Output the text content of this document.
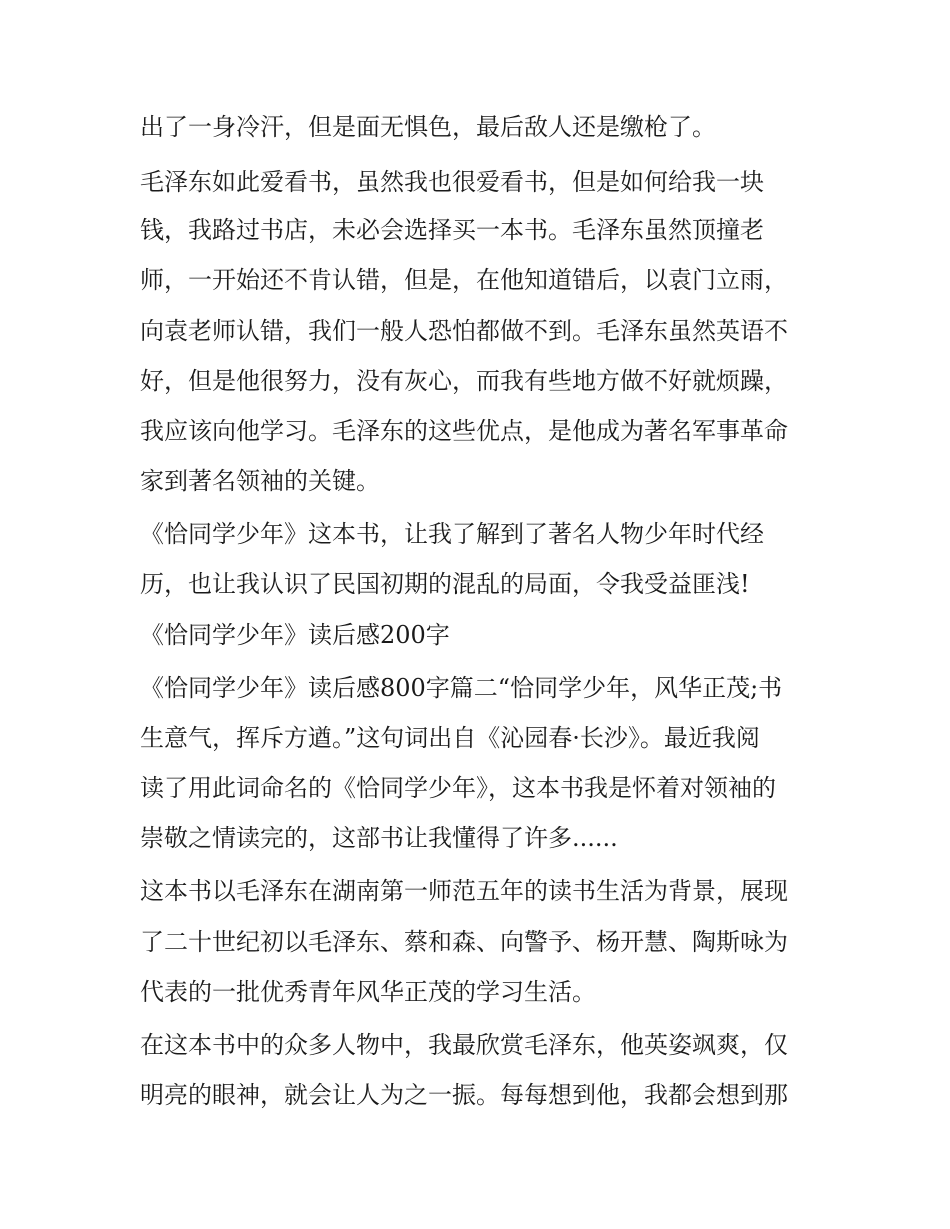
出了一身冷汗，但是面无惧色，最后敌人还是缴枪了。
毛泽东如此爱看书，虽然我也很爱看书，但是如何给我一块
钱，我路过书店，未必会选择买一本书。毛泽东虽然顶撞老
师，一开始还不肯认错，但是，在他知道错后，以袁门立雨，
向袁老师认错，我们一般人恐怕都做不到。毛泽东虽然英语不
好，但是他很努力，没有灰心，而我有些地方做不好就烦躁，
我应该向他学习。毛泽东的这些优点，是他成为著名军事革命
家到著名领袖的关键。
《恰同学少年》这本书，让我了解到了著名人物少年时代经
历，也让我认识了民国初期的混乱的局面，令我受益匪浅!
《恰同学少年》读后感200字
《恰同学少年》读后感800字篇二“恰同学少年，风华正茂;书
生意气，挥斥方遒。”这句词出自《沁园春·长沙》。最近我阅
读了用此词命名的《恰同学少年》，这本书我是怀着对领袖的
崇敬之情读完的，这部书让我懂得了许多......
这本书以毛泽东在湖南第一师范五年的读书生活为背景，展现
了二十世纪初以毛泽东、蔡和森、向警予、杨开慧、陶斯咏为
代表的一批优秀青年风华正茂的学习生活。
在这本书中的众多人物中，我最欣赏毛泽东，他英姿飒爽，仅
明亮的眼神，就会让人为之一振。每每想到他，我都会想到那
